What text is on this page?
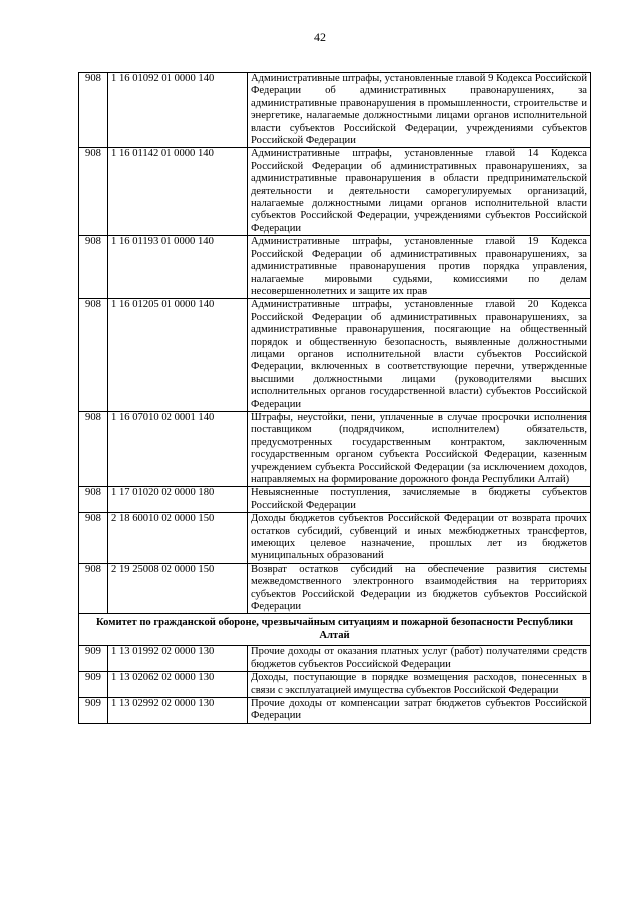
42
908	1 16 01092 01 0000 140	Административные штрафы, установленные главой 9 Кодекса Российской Федерации об административных правонарушениях, за административные правонарушения в промышленности, строительстве и энергетике, налагаемые должностными лицами органов исполнительной власти субъектов Российской Федерации, учреждениями субъектов Российской Федерации
908	1 16 01142 01 0000 140	Административные штрафы, установленные главой 14 Кодекса Российской Федерации об административных правонарушениях, за административные правонарушения в области предпринимательской деятельности и деятельности саморегулируемых организаций, налагаемые должностными лицами органов исполнительной власти субъектов Российской Федерации, учреждениями субъектов Российской Федерации
908	1 16 01193 01 0000 140	Административные штрафы, установленные главой 19 Кодекса Российской Федерации об административных правонарушениях, за административные правонарушения против порядка управления, налагаемые мировыми судьями, комиссиями по делам несовершеннолетних и защите их прав
908	1 16 01205 01 0000 140	Административные штрафы, установленные главой 20 Кодекса Российской Федерации об административных правонарушениях, за административные правонарушения, посягающие на общественный порядок и общественную безопасность, выявленные должностными лицами органов исполнительной власти субъектов Российской Федерации, включенных в соответствующие перечни, утвержденные высшими должностными лицами (руководителями высших исполнительных органов государственной власти) субъектов Российской Федерации
908	1 16 07010 02 0001 140	Штрафы, неустойки, пени, уплаченные в случае просрочки исполнения поставщиком (подрядчиком, исполнителем) обязательств, предусмотренных государственным контрактом, заключенным государственным органом субъекта Российской Федерации, казенным учреждением субъекта Российской Федерации (за исключением доходов, направляемых на формирование дорожного фонда Республики Алтай)
908	1 17 01020 02 0000 180	Невыясненные поступления, зачисляемые в бюджеты субъектов Российской Федерации
908	2 18 60010 02 0000 150	Доходы бюджетов субъектов Российской Федерации от возврата прочих остатков субсидий, субвенций и иных межбюджетных трансфертов, имеющих целевое назначение, прошлых лет из бюджетов муниципальных образований
908	2 19 25008 02 0000 150	Возврат остатков субсидий на обеспечение развития системы межведомственного электронного взаимодействия на территориях субъектов Российской Федерации из бюджетов субъектов Российской Федерации
Комитет по гражданской обороне, чрезвычайным ситуациям и пожарной безопасности Республики Алтай		
909	1 13 01992 02 0000 130	Прочие доходы от оказания платных услуг (работ) получателями средств бюджетов субъектов Российской Федерации
909	1 13 02062 02 0000 130	Доходы, поступающие в порядке возмещения расходов, понесенных в связи с эксплуатацией имущества субъектов Российской Федерации
909	1 13 02992 02 0000 130	Прочие доходы от компенсации затрат бюджетов субъектов Российской Федерации
